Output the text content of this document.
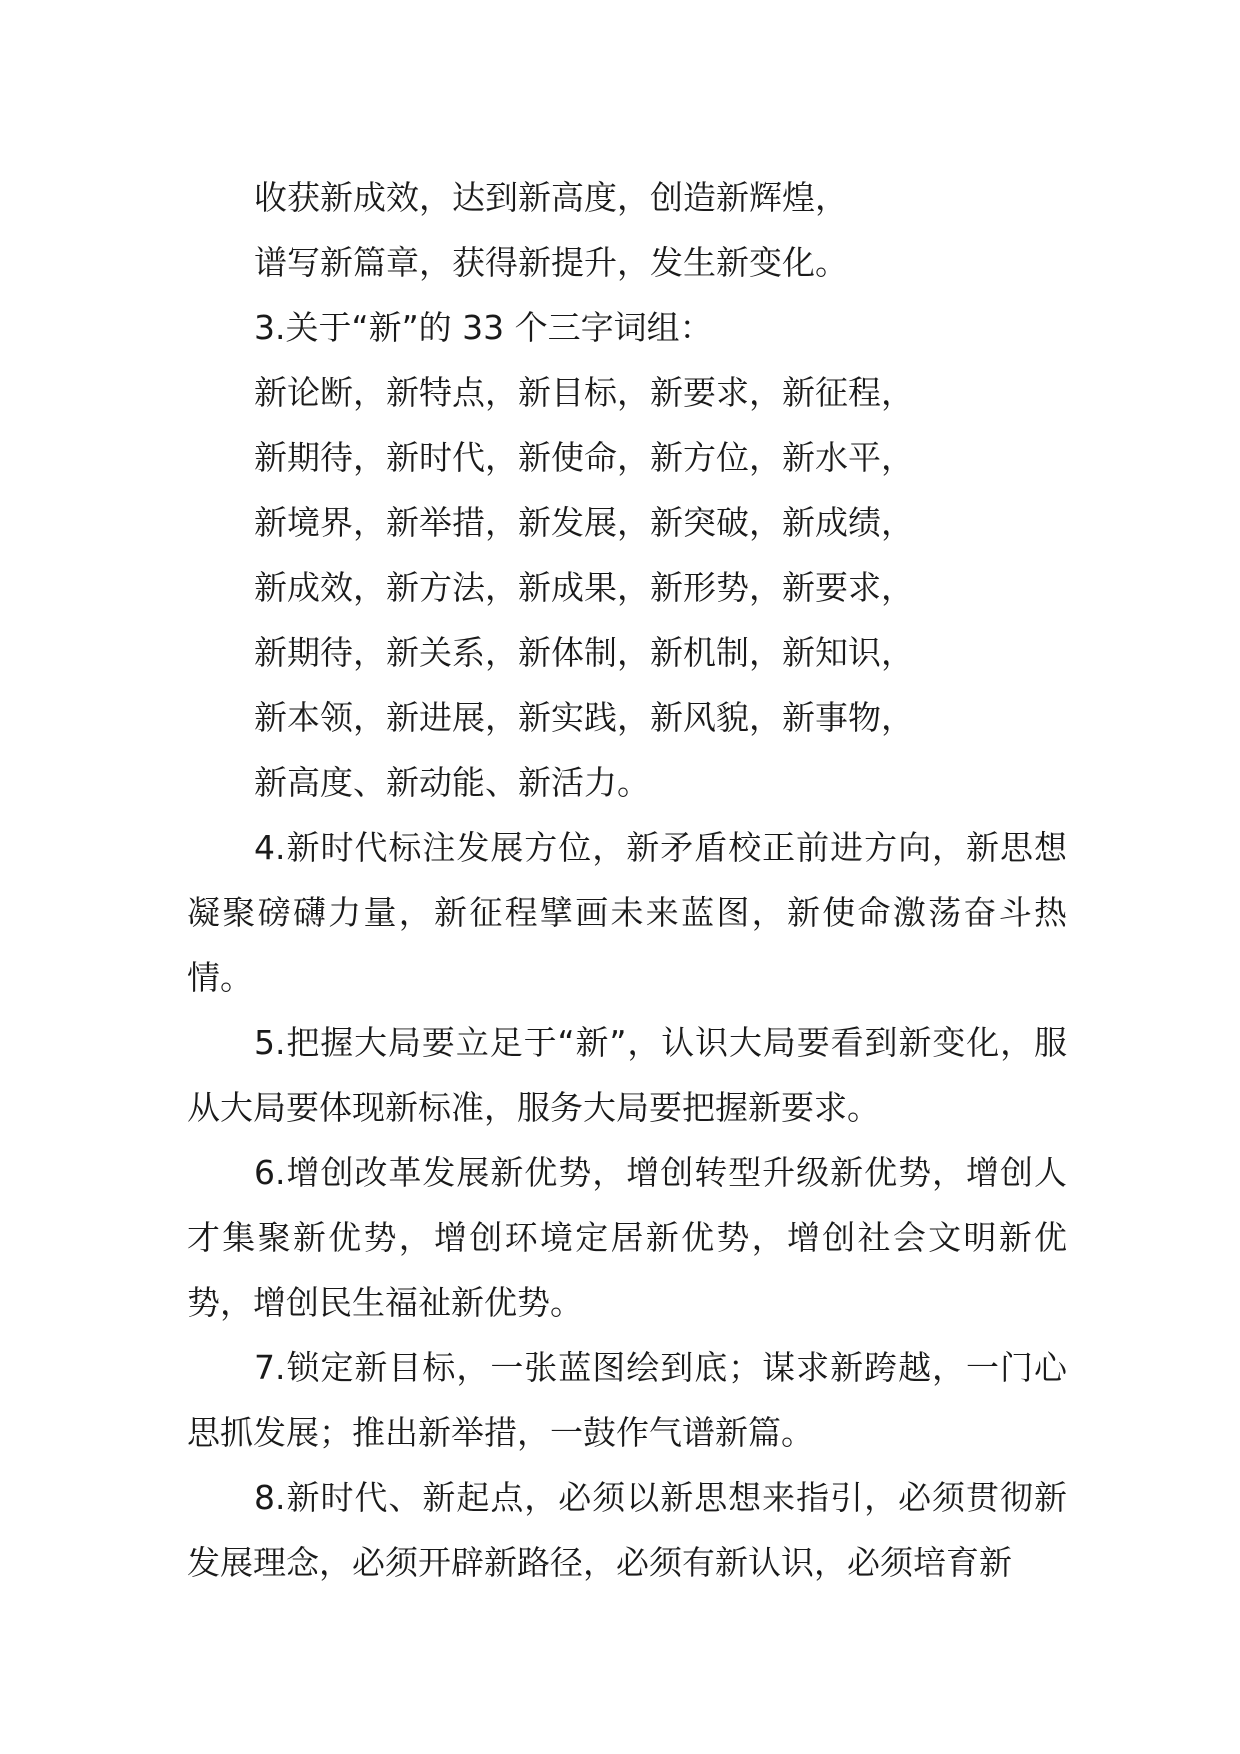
收获新成效，达到新高度，创造新辉煌，

谱写新篇章，获得新提升，发生新变化。

3.关于“新”的 33 个三字词组：

新论断，新特点，新目标，新要求，新征程，

新期待，新时代，新使命，新方位，新水平，

新境界，新举措，新发展，新突破，新成绩，

新成效，新方法，新成果，新形势，新要求，

新期待，新关系，新体制，新机制，新知识，

新本领，新进展，新实践，新风貌，新事物，

新高度、新动能、新活力。

4.新时代标注发展方位，新矛盾校正前进方向，新思想凝聚磅礴力量，新征程擘画未来蓝图，新使命激荡奋斗热情。

5.把握大局要立足于“新”，认识大局要看到新变化，服从大局要体现新标准，服务大局要把握新要求。

6.增创改革发展新优势，增创转型升级新优势，增创人才集聚新优势，增创环境定居新优势，增创社会文明新优势，增创民生福祉新优势。

7.锁定新目标，一张蓝图绘到底；谋求新跨越，一门心思抓发展；推出新举措，一鼓作气谱新篇。

8.新时代、新起点，必须以新思想来指引，必须贯彻新发展理念，必须开辟新路径，必须有新认识，必须培育新
